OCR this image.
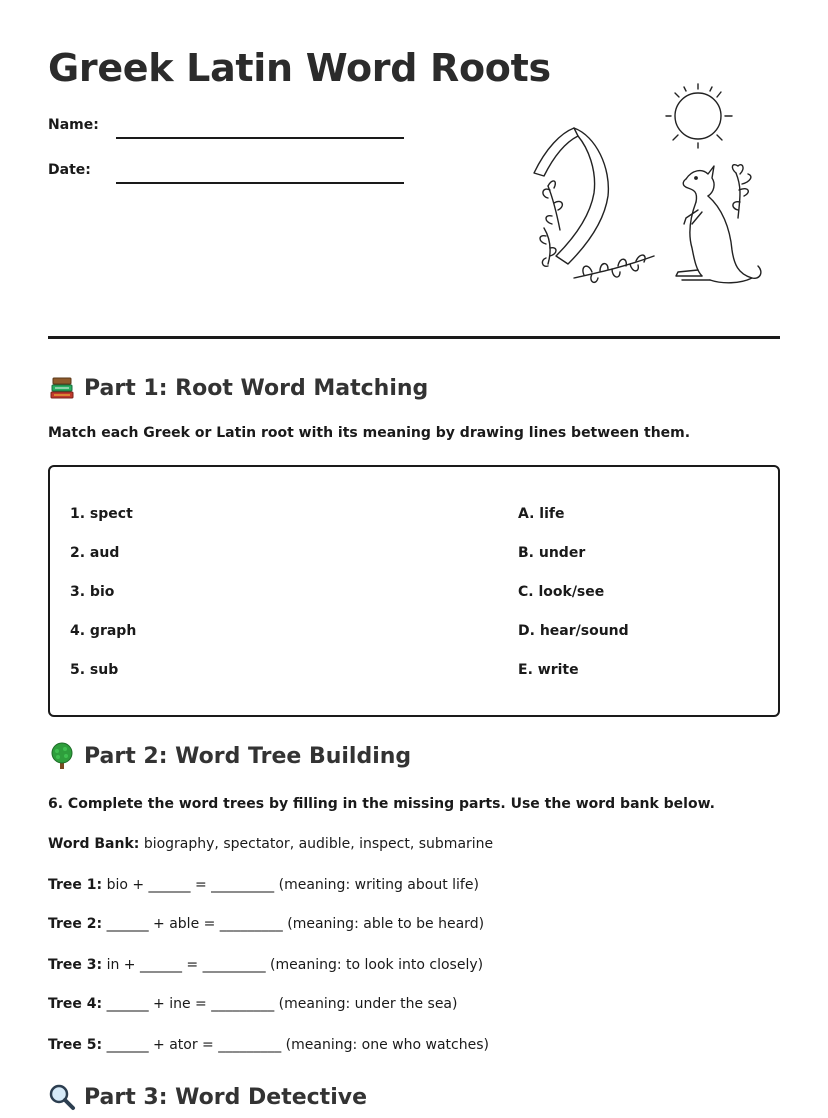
Greek Latin Word Roots
Name:
Date:
Part 1: Root Word Matching
Match each Greek or Latin root with its meaning by drawing lines between them.
1. spect
2. aud
3. bio
4. graph
5. sub
A. life
B. under
C. look/see
D. hear/sound
E. write
Part 2: Word Tree Building
6. Complete the word trees by filling in the missing parts. Use the word bank below.
Word Bank: biography, spectator, audible, inspect, submarine
Tree 1: bio + ______ = _________ (meaning: writing about life)
Tree 2: ______ + able = _________ (meaning: able to be heard)
Tree 3: in + ______ = _________ (meaning: to look into closely)
Tree 4: ______ + ine = _________ (meaning: under the sea)
Tree 5: ______ + ator = _________ (meaning: one who watches)
Part 3: Word Detective
